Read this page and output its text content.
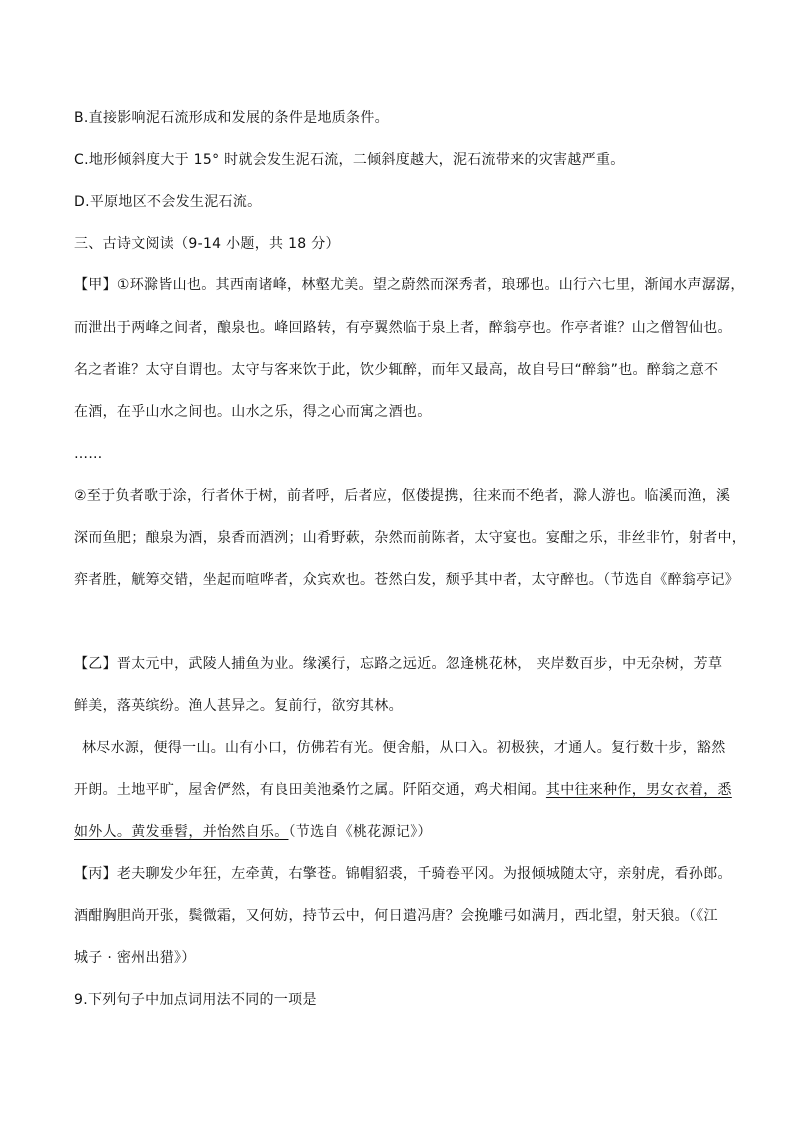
B.直接影响泥石流形成和发展的条件是地质条件。

C.地形倾斜度大于 15° 时就会发生泥石流，二倾斜度越大，泥石流带来的灾害越严重。

D.平原地区不会发生泥石流。

三、古诗文阅读（9-14 小题，共 18 分）

【甲】①环滁皆山也。其西南诸峰，林壑尤美。望之蔚然而深秀者，琅琊也。山行六七里，渐闻水声潺潺，

而泄出于两峰之间者，酿泉也。峰回路转，有亭翼然临于泉上者，醉翁亭也。作亭者谁？山之僧智仙也。

名之者谁？太守自谓也。太守与客来饮于此，饮少辄醉，而年又最高，故自号曰“醉翁”也。醉翁之意不

在酒，在乎山水之间也。山水之乐，得之心而寓之酒也。

……

②至于负者歌于涂，行者休于树，前者呼，后者应，伛偻提携，往来而不绝者，滁人游也。临溪而渔，溪

深而鱼肥；酿泉为酒，泉香而酒洌；山肴野蔌，杂然而前陈者，太守宴也。宴酣之乐，非丝非竹，射者中，

弈者胜，觥筹交错，坐起而喧哗者，众宾欢也。苍然白发，颓乎其中者，太守醉也。（节选自《醉翁亭记》

【乙】晋太元中，武陵人捕鱼为业。缘溪行，忘路之远近。忽逢桃花林， 夹岸数百步，中无杂树，芳草

鲜美，落英缤纷。渔人甚异之。复前行，欲穷其林。

林尽水源，便得一山。山有小口，仿佛若有光。便舍船，从口入。初极狭，才通人。复行数十步，豁然

开朗。土地平旷，屋舍俨然，有良田美池桑竹之属。阡陌交通，鸡犬相闻。其中往来种作，男女衣着，悉

如外人。黄发垂髫，并怡然自乐。（节选自《桃花源记》）

【丙】老夫聊发少年狂，左牵黄，右擎苍。锦帽貂裘，千骑卷平冈。为报倾城随太守，亲射虎，看孙郎。

酒酣胸胆尚开张，鬓微霜，又何妨，持节云中，何日遣冯唐？会挽雕弓如满月，西北望，射天狼。（《江

城子 · 密州出猎》）

9.下列句子中加点词用法不同的一项是
